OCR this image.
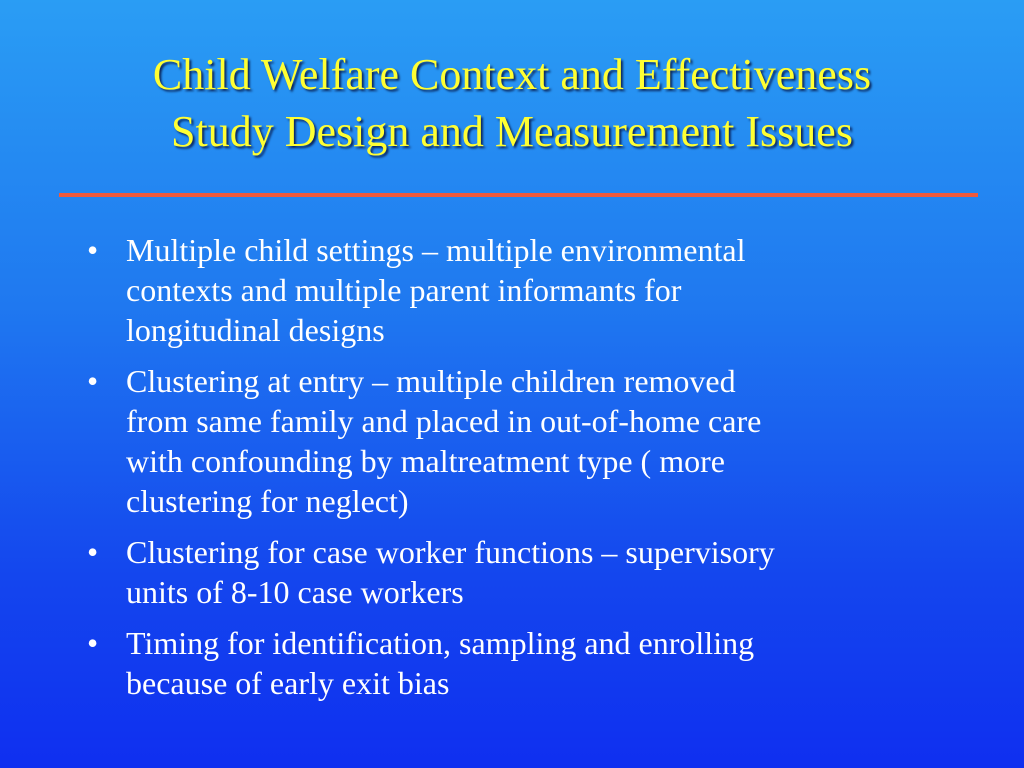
Child Welfare Context and Effectiveness
Study Design and Measurement Issues
• Multiple child settings – multiple environmental
contexts and multiple parent informants for
longitudinal designs
• Clustering at entry – multiple children removed
from same family and placed in out-of-home care
with confounding by maltreatment type ( more
clustering for neglect)
• Clustering for case worker functions – supervisory
units of 8-10 case workers
• Timing for identification, sampling and enrolling
because of early exit bias
